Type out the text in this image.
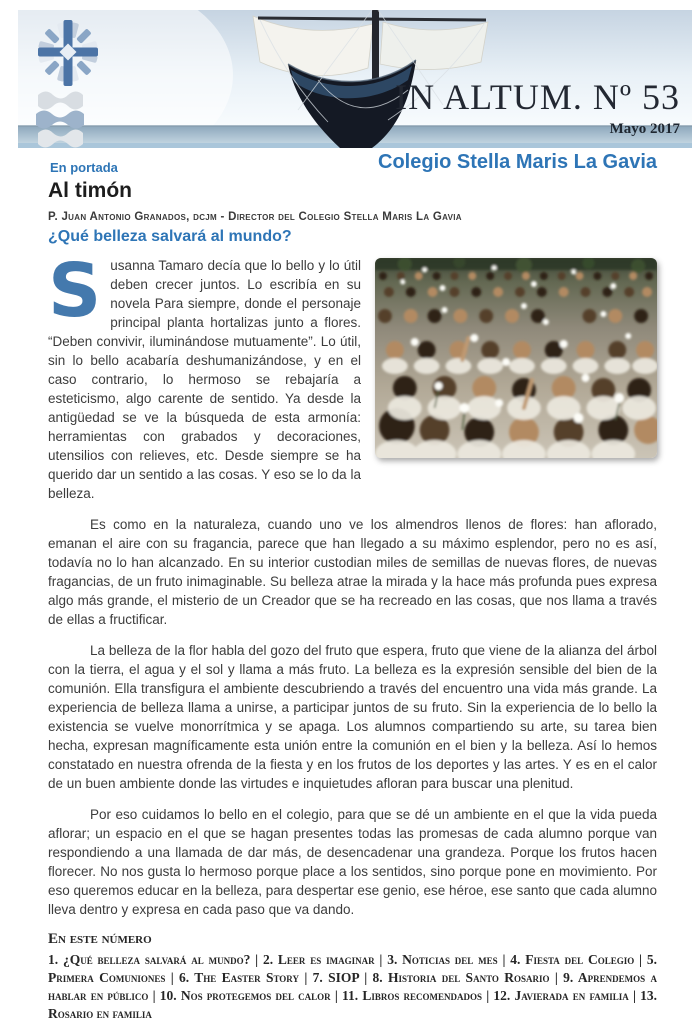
IN ALTUM. Nº 53
Mayo 2017
En portada	Colegio Stella Maris La Gavia
Al timón
P. Juan Antonio Granados, dcjm - Director del Colegio Stella Maris La Gavia
¿Qué belleza salvará al mundo?

Susanna Tamaro decía que lo bello y lo útil deben crecer juntos. Lo escribía en su novela Para siempre, donde el personaje principal planta hortalizas junto a flores. “Deben convivir, iluminándose mutuamente”. Lo útil, sin lo bello acabaría deshumanizándose, y en el caso contrario, lo hermoso se rebajaría a esteticismo, algo carente de sentido. Ya desde la antigüedad se ve la búsqueda de esta armonía: herramientas con grabados y decoraciones, utensilios con relieves, etc. Desde siempre se ha querido dar un sentido a las cosas. Y eso se lo da la belleza.

Es como en la naturaleza, cuando uno ve los almendros llenos de flores: han aflorado, emanan el aire con su fragancia, parece que han llegado a su máximo esplendor, pero no es así, todavía no lo han alcanzado. En su interior custodian miles de semillas de nuevas flores, de nuevas fragancias, de un fruto inimaginable. Su belleza atrae la mirada y la hace más profunda pues expresa algo más grande, el misterio de un Creador que se ha recreado en las cosas, que nos llama a través de ellas a fructificar.

La belleza de la flor habla del gozo del fruto que espera, fruto que viene de la alianza del árbol con la tierra, el agua y el sol y llama a más fruto. La belleza es la expresión sensible del bien de la comunión. Ella transfigura el ambiente descubriendo a través del encuentro una vida más grande. La experiencia de belleza llama a unirse, a participar juntos de su fruto. Sin la experiencia de lo bello la existencia se vuelve monorrítmica y se apaga. Los alumnos compartiendo su arte, su tarea bien hecha, expresan magníficamente esta unión entre la comunión en el bien y la belleza. Así lo hemos constatado en nuestra ofrenda de la fiesta y en los frutos de los deportes y las artes. Y es en el calor de un buen ambiente donde las virtudes e inquietudes afloran para buscar una plenitud.

Por eso cuidamos lo bello en el colegio, para que se dé un ambiente en el que la vida pueda aflorar; un espacio en el que se hagan presentes todas las promesas de cada alumno porque van respondiendo a una llamada de dar más, de desencadenar una grandeza. Porque los frutos hacen florecer. No nos gusta lo hermoso porque place a los sentidos, sino porque pone en movimiento. Por eso queremos educar en la belleza, para despertar ese genio, ese héroe, ese santo que cada alumno lleva dentro y expresa en cada paso que va dando.

En este número
1. ¿Qué belleza salvará al mundo? | 2. Leer es imaginar | 3. Noticias del mes | 4. Fiesta del Colegio | 5. Primera Comuniones | 6. The Easter Story | 7. SIOP | 8. Historia del Santo Rosario | 9. Aprendemos a hablar en público | 10. Nos protegemos del calor | 11. Libros recomendados | 12. Javierada en familia | 13. Rosario en familia
